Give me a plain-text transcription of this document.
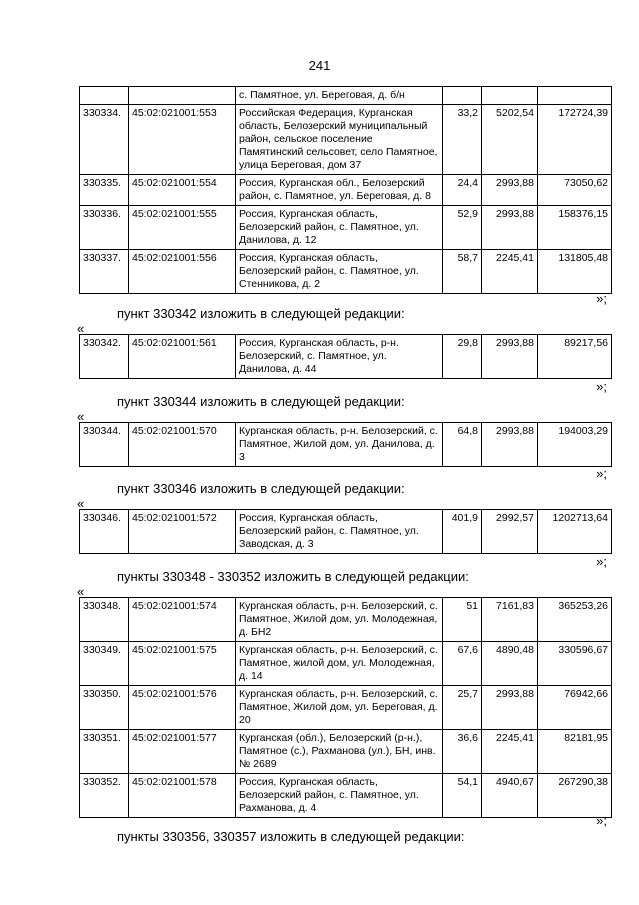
241
		с. Памятное, ул. Береговая, д. б/н			
330334.	45:02:021001:553	Российская Федерация, Курганская область, Белозерский муниципальный район, сельское поселение Памятинский сельсовет, село Памятное, улица Береговая, дом 37	33,2	5202,54	172724,39
330335.	45:02:021001:554	Россия, Курганская обл., Белозерский район, с. Памятное, ул. Береговая, д. 8	24,4	2993,88	73050,62
330336.	45:02:021001:555	Россия, Курганская область, Белозерский район, с. Памятное, ул. Данилова, д. 12	52,9	2993,88	158376,15
330337.	45:02:021001:556	Россия, Курганская область, Белозерский район, с. Памятное, ул. Стенникова, д. 2	58,7	2245,41	131805,48
»;
пункт 330342 изложить в следующей редакции:
«
330342.	45:02:021001:561	Россия, Курганская область, р-н. Белозерский, с. Памятное, ул. Данилова, д. 44	29,8	2993,88	89217,56
»;
пункт 330344 изложить в следующей редакции:
«
330344.	45:02:021001:570	Курганская область, р-н. Белозерский, с. Памятное, Жилой дом, ул. Данилова, д. 3	64,8	2993,88	194003,29
»;
пункт 330346 изложить в следующей редакции:
«
330346.	45:02:021001:572	Россия, Курганская область, Белозерский район, с. Памятное, ул. Заводская, д. 3	401,9	2992,57	1202713,64
»;
пункты 330348 - 330352 изложить в следующей редакции:
«
330348.	45:02:021001:574	Курганская область, р-н. Белозерский, с. Памятное, Жилой дом, ул. Молодежная, д. БН2	51	7161,83	365253,26
330349.	45:02:021001:575	Курганская область, р-н. Белозерский, с. Памятное, жилой дом, ул. Молодежная, д. 14	67,6	4890,48	330596,67
330350.	45:02:021001:576	Курганская область, р-н. Белозерский, с. Памятное, Жилой дом, ул. Береговая, д. 20	25,7	2993,88	76942,66
330351.	45:02:021001:577	Курганская (обл.), Белозерский (р-н.), Памятное (с.), Рахманова (ул.), БН, инв. № 2689	36,6	2245,41	82181,95
330352.	45:02:021001:578	Россия, Курганская область, Белозерский район, с. Памятное, ул. Рахманова, д. 4	54,1	4940,67	267290,38
»;
пункты 330356, 330357 изложить в следующей редакции:
